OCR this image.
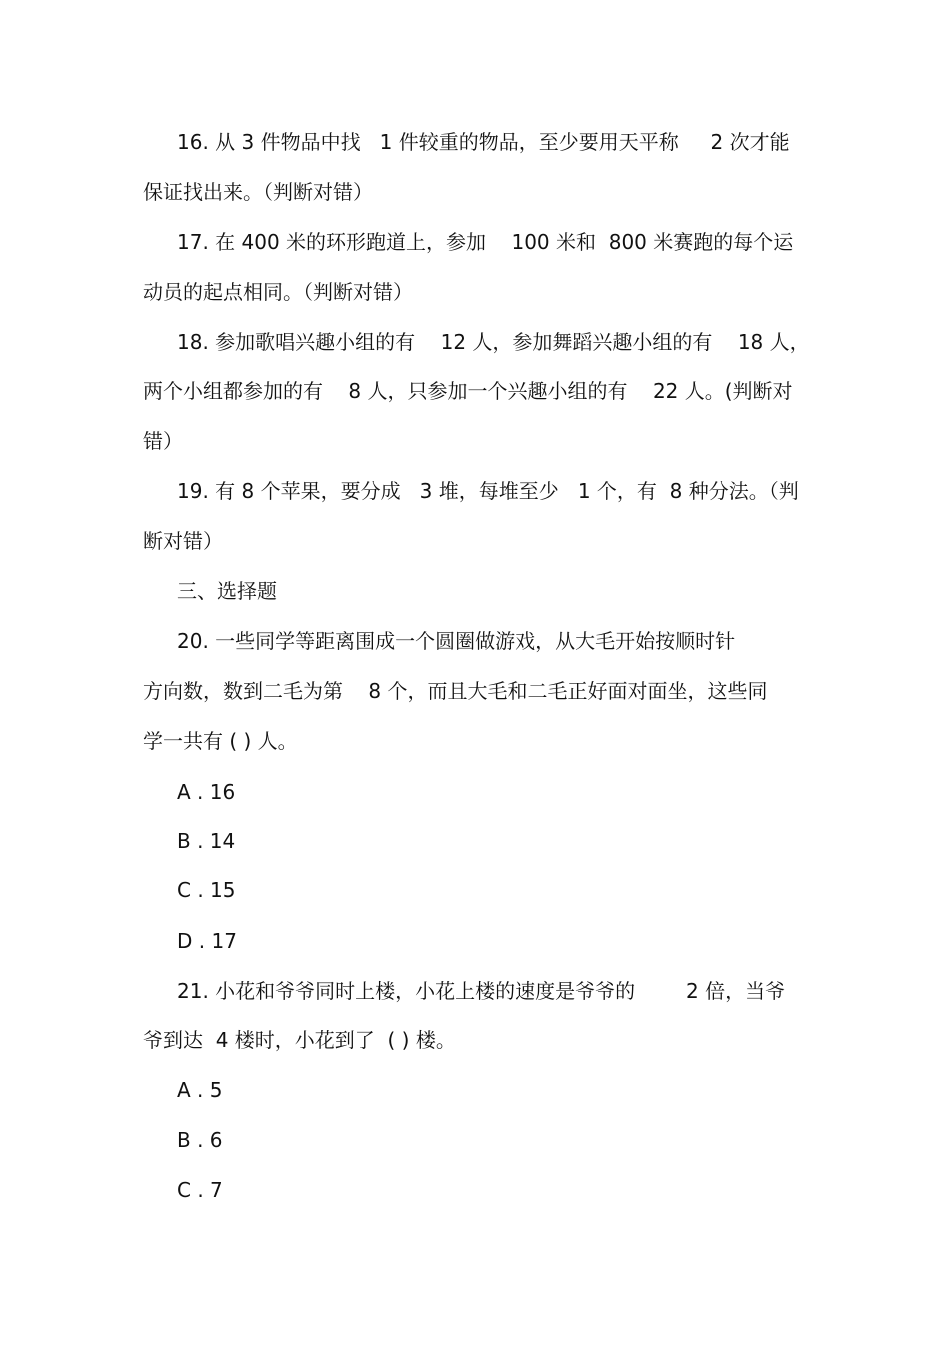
16. 从 3 件物品中找   1 件较重的物品，至少要用天平称     2 次才能

保证找出来。（判断对错）

17. 在 400 米的环形跑道上，参加    100 米和  800 米赛跑的每个运

动员的起点相同。（判断对错）

18. 参加歌唱兴趣小组的有    12 人，参加舞蹈兴趣小组的有    18 人，

两个小组都参加的有    8 人，只参加一个兴趣小组的有    22 人。(判断对

错）

19. 有 8 个苹果，要分成   3 堆，每堆至少   1 个，有  8 种分法。（判

断对错）

三、选择题

20. 一些同学等距离围成一个圆圈做游戏，从大毛开始按顺时针

方向数，数到二毛为第    8 个，而且大毛和二毛正好面对面坐，这些同

学一共有 ( ) 人。

A . 16

B . 14

C . 15

D . 17

21. 小花和爷爷同时上楼，小花上楼的速度是爷爷的        2 倍，当爷

爷到达  4 楼时，小花到了  ( ) 楼。

A . 5

B . 6

C . 7
